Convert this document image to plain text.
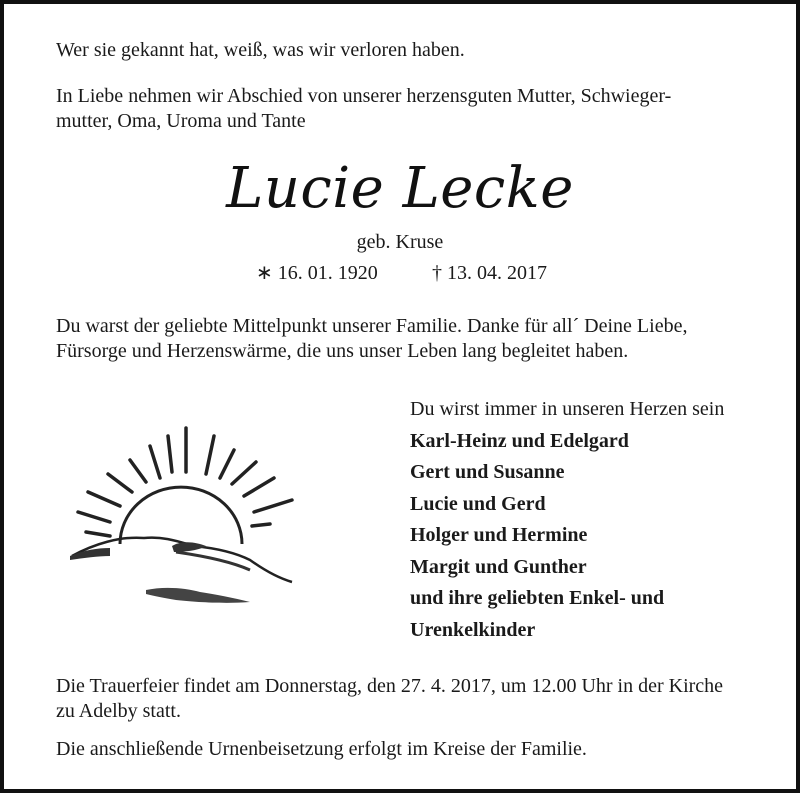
Wer sie gekannt hat, weiß, was wir verloren haben.
In Liebe nehmen wir Abschied von unserer herzensguten Mutter, Schwieger-
mutter, Oma, Uroma und Tante
Lucie Lecke
geb. Kruse
∗ 16. 01. 1920	† 13. 04. 2017
Du warst der geliebte Mittelpunkt unserer Familie. Danke für all´ Deine Liebe,
Fürsorge und Herzenswärme, die uns unser Leben lang begleitet haben.
Du wirst immer in unseren Herzen sein
Karl-Heinz und Edelgard
Gert und Susanne
Lucie und Gerd
Holger und Hermine
Margit und Gunther
und ihre geliebten Enkel- und
Urenkelkinder
Die Trauerfeier findet am Donnerstag, den 27. 4. 2017, um 12.00 Uhr in der Kirche
zu Adelby statt.
Die anschließende Urnenbeisetzung erfolgt im Kreise der Familie.
